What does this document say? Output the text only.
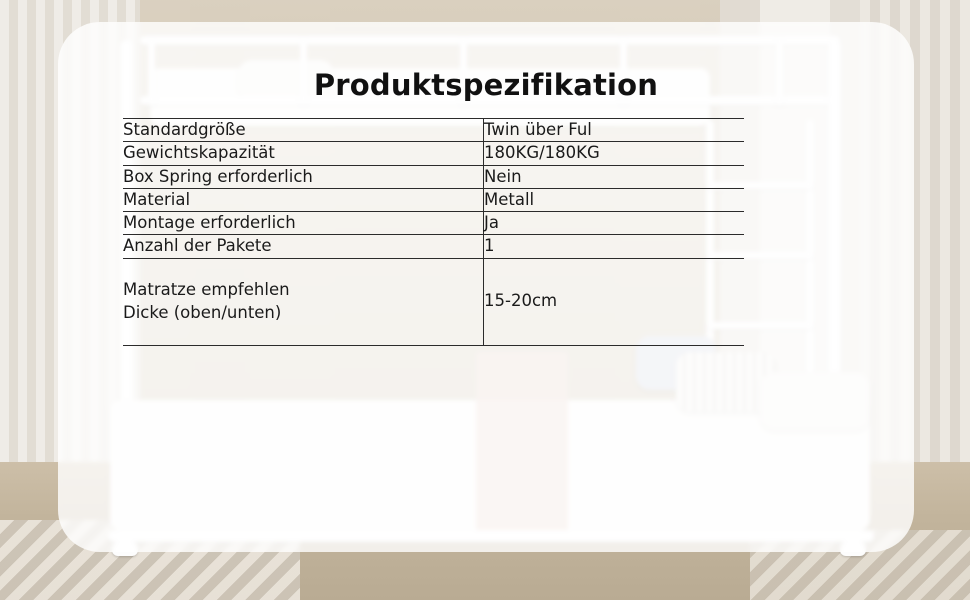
Produktspezifikation
Standardgröße	Twin über Ful
Gewichtskapazität	180KG/180KG
Box Spring erforderlich	Nein
Material	Metall
Montage erforderlich	Ja
Anzahl der Pakete	1
Matratze empfehlen
Dicke (oben/unten)	15-20cm
